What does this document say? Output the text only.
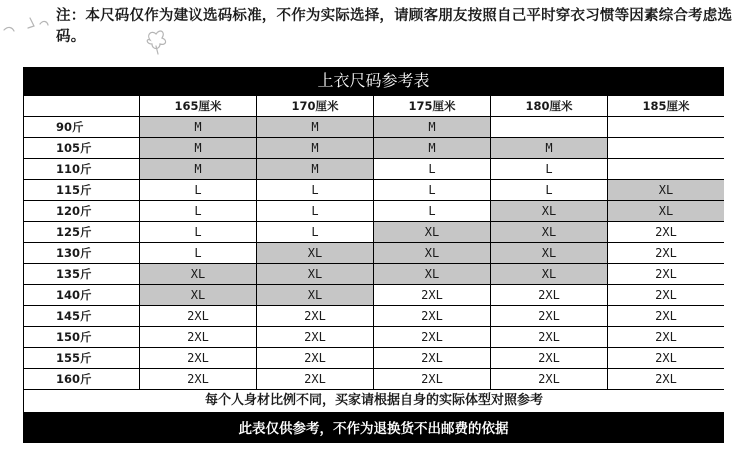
注：本尺码仅作为建议选码标准，不作为实际选择，请顾客朋友按照自己平时穿衣习惯等因素综合考虑选码。
上衣尺码参考表
	165厘米	170厘米	175厘米	180厘米	185厘米
90斤	M	M	M		
105斤	M	M	M	M	
110斤	M	M	L	L	
115斤	L	L	L	L	XL
120斤	L	L	L	XL	XL
125斤	L	L	XL	XL	2XL
130斤	L	XL	XL	XL	2XL
135斤	XL	XL	XL	XL	2XL
140斤	XL	XL	2XL	2XL	2XL
145斤	2XL	2XL	2XL	2XL	2XL
150斤	2XL	2XL	2XL	2XL	2XL
155斤	2XL	2XL	2XL	2XL	2XL
160斤	2XL	2XL	2XL	2XL	2XL
每个人身材比例不同，买家请根据自身的实际体型对照参考					
此表仅供参考，不作为退换货不出邮费的依据
